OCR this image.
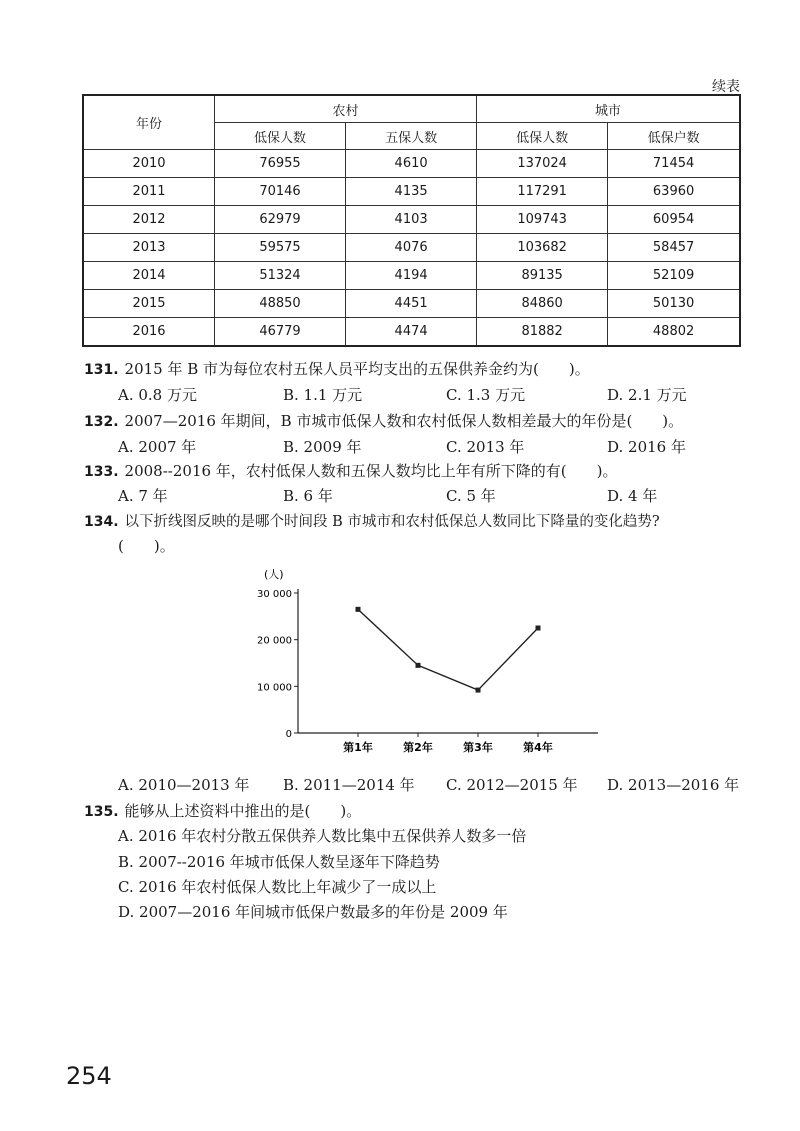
续表
年份	农村		城市	
	低保人数	五保人数	低保人数	低保户数
2010	76955	4610	137024	71454
2011	70146	4135	117291	63960
2012	62979	4103	109743	60954
2013	59575	4076	103682	58457
2014	51324	4194	89135	52109
2015	48850	4451	84860	50130
2016	46779	4474	81882	48802
131. 2015 年 B 市为每位农村五保人员平均支出的五保供养金约为(　　)。
A. 0.8 万元	B. 1.1 万元	C. 1.3 万元	D. 2.1 万元
132. 2007—2016 年期间，B 市城市低保人数和农村低保人数相差最大的年份是(　　)。
A. 2007 年	B. 2009 年	C. 2013 年	D. 2016 年
133. 2008--2016 年，农村低保人数和五保人数均比上年有所下降的有(　　)。
A. 7 年	B. 6 年	C. 5 年	D. 4 年
134. 以下折线图反映的是哪个时间段 B 市城市和农村低保总人数同比下降量的变化趋势?
(　　)。
(人)
0
10 000
20 000
30 000
第1年	第2年	第3年	第4年
A. 2010—2013 年 B. 2011—2014 年 C. 2012—2015 年 D. 2013—2016 年
135. 能够从上述资料中推出的是(　　)。
A. 2016 年农村分散五保供养人数比集中五保供养人数多一倍
B. 2007--2016 年城市低保人数呈逐年下降趋势
C. 2016 年农村低保人数比上年减少了一成以上
D. 2007—2016 年间城市低保户数最多的年份是 2009 年
254
